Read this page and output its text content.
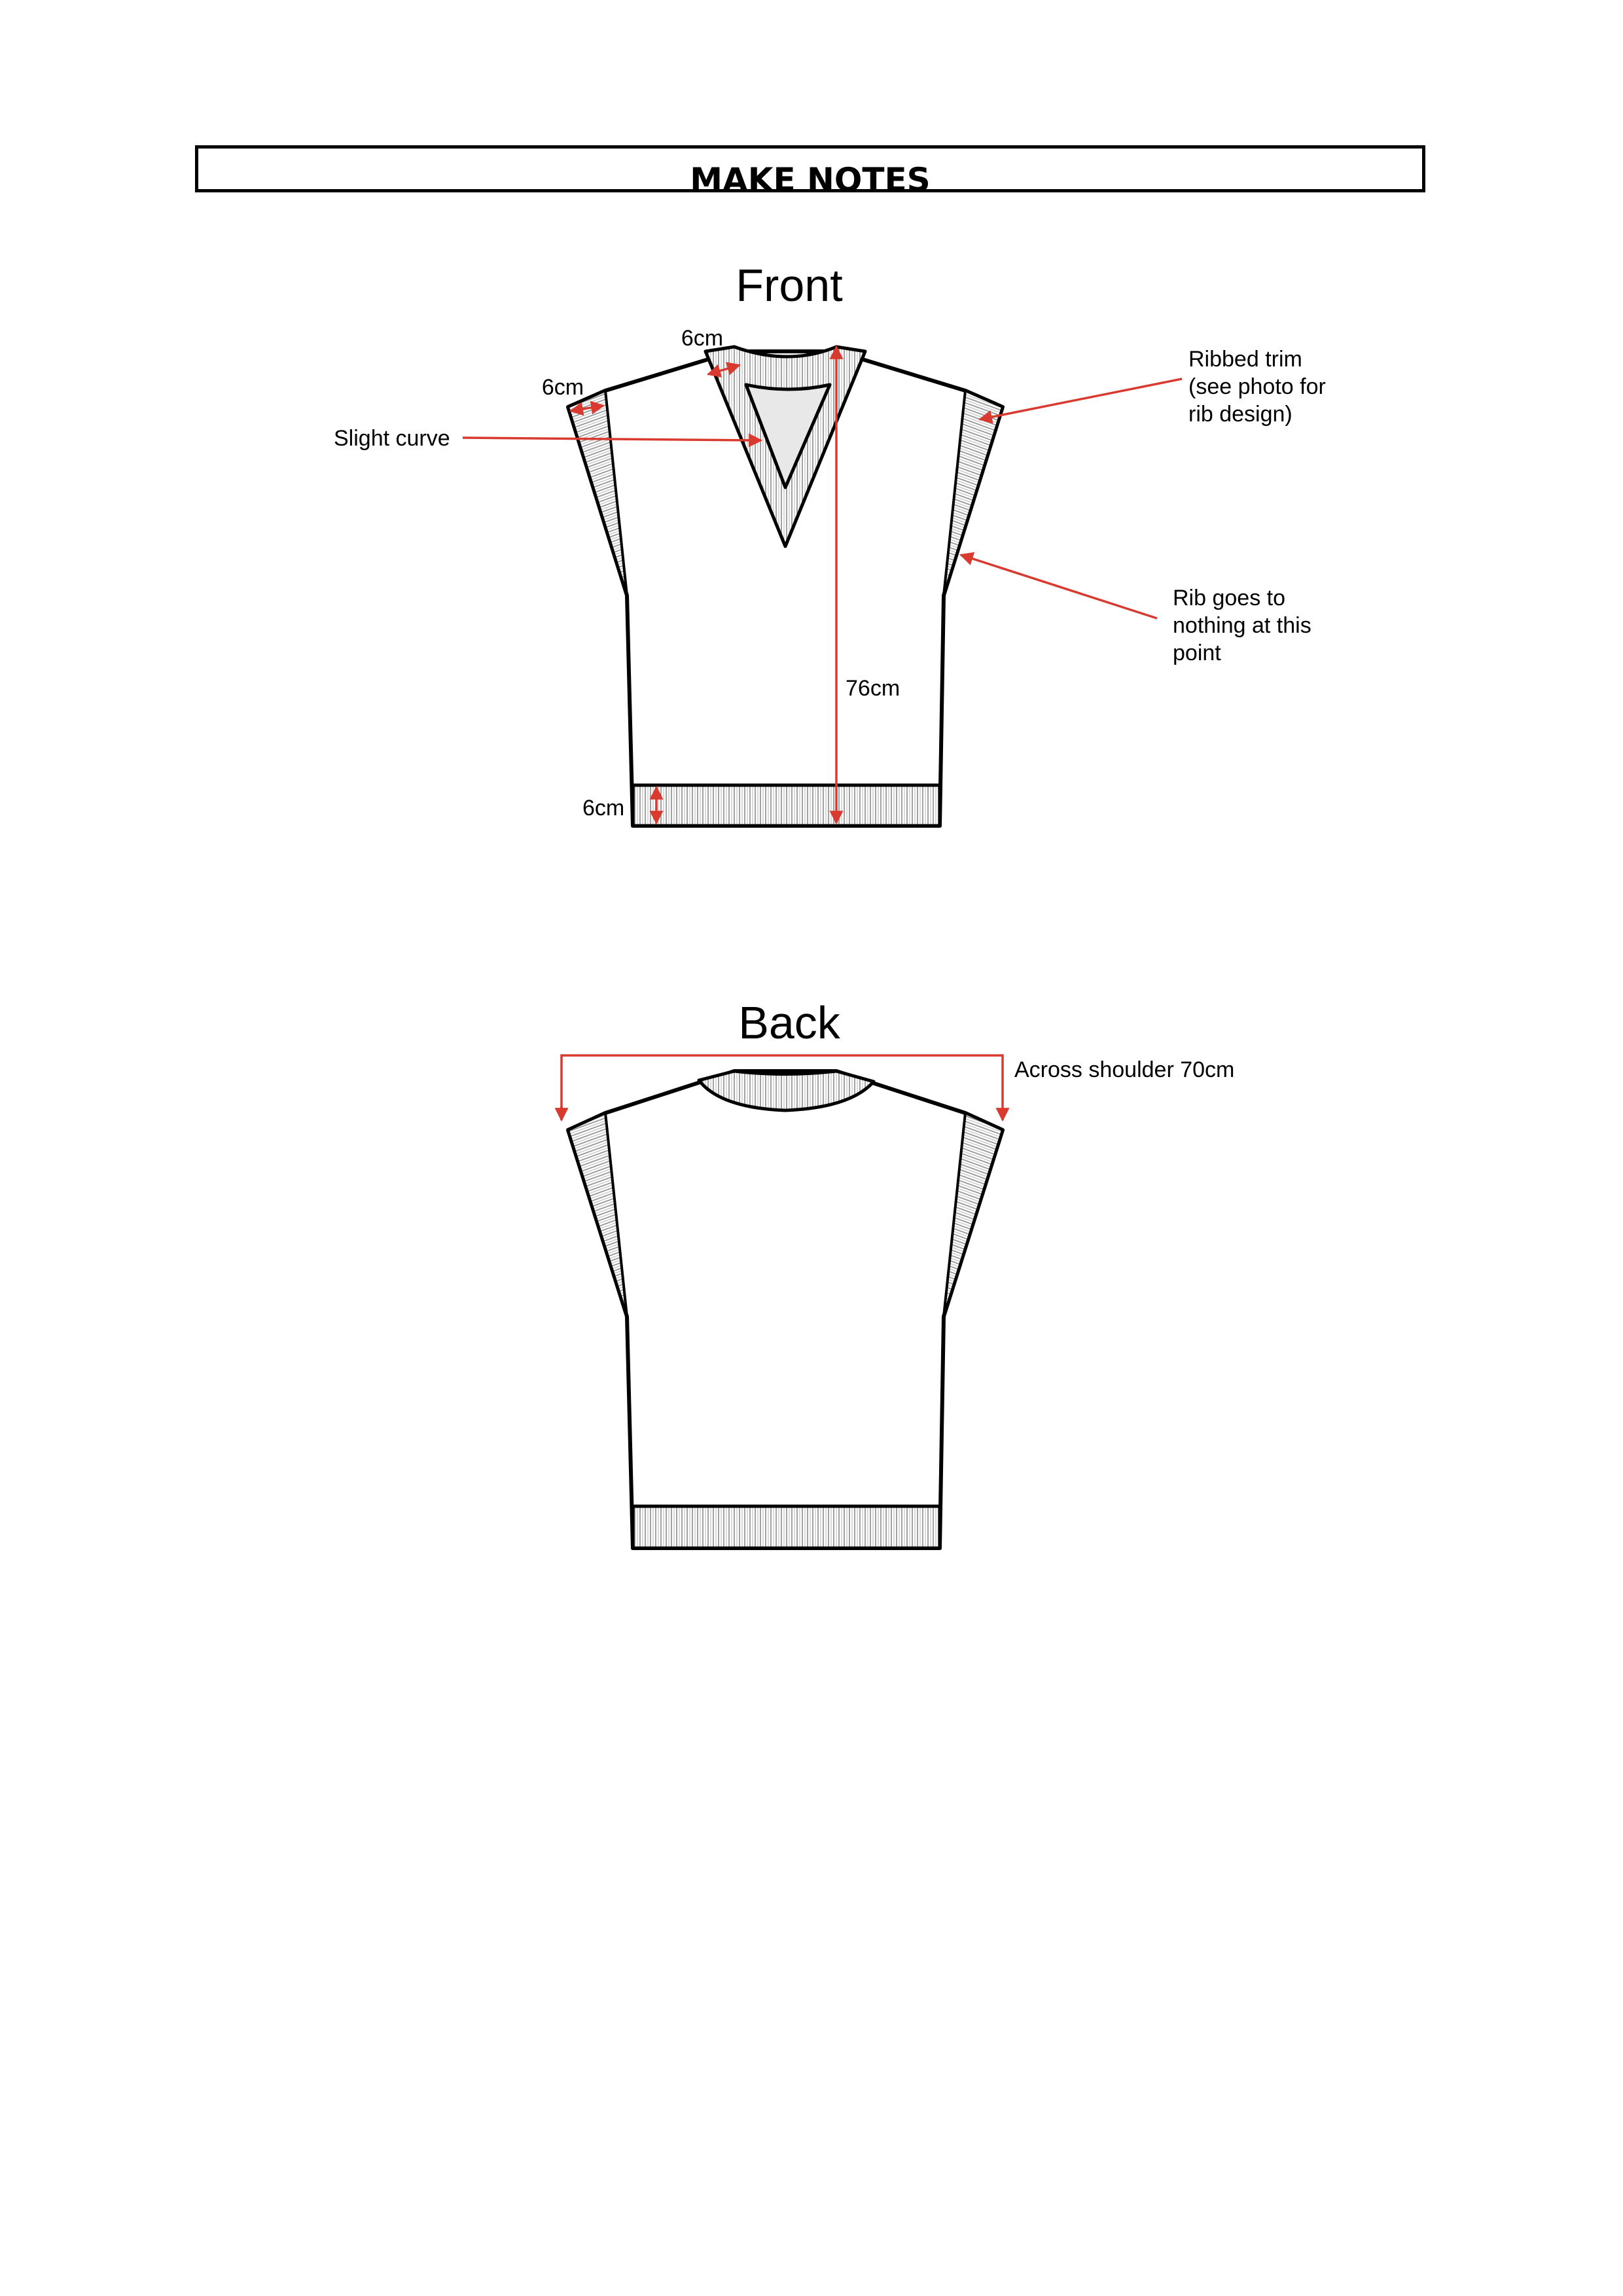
MAKE NOTES
Front
6cm
6cm
Slight curve
Ribbed trim
(see photo for
rib design)
Rib goes to
nothing at this
point
76cm
6cm
Back
Across shoulder 70cm
